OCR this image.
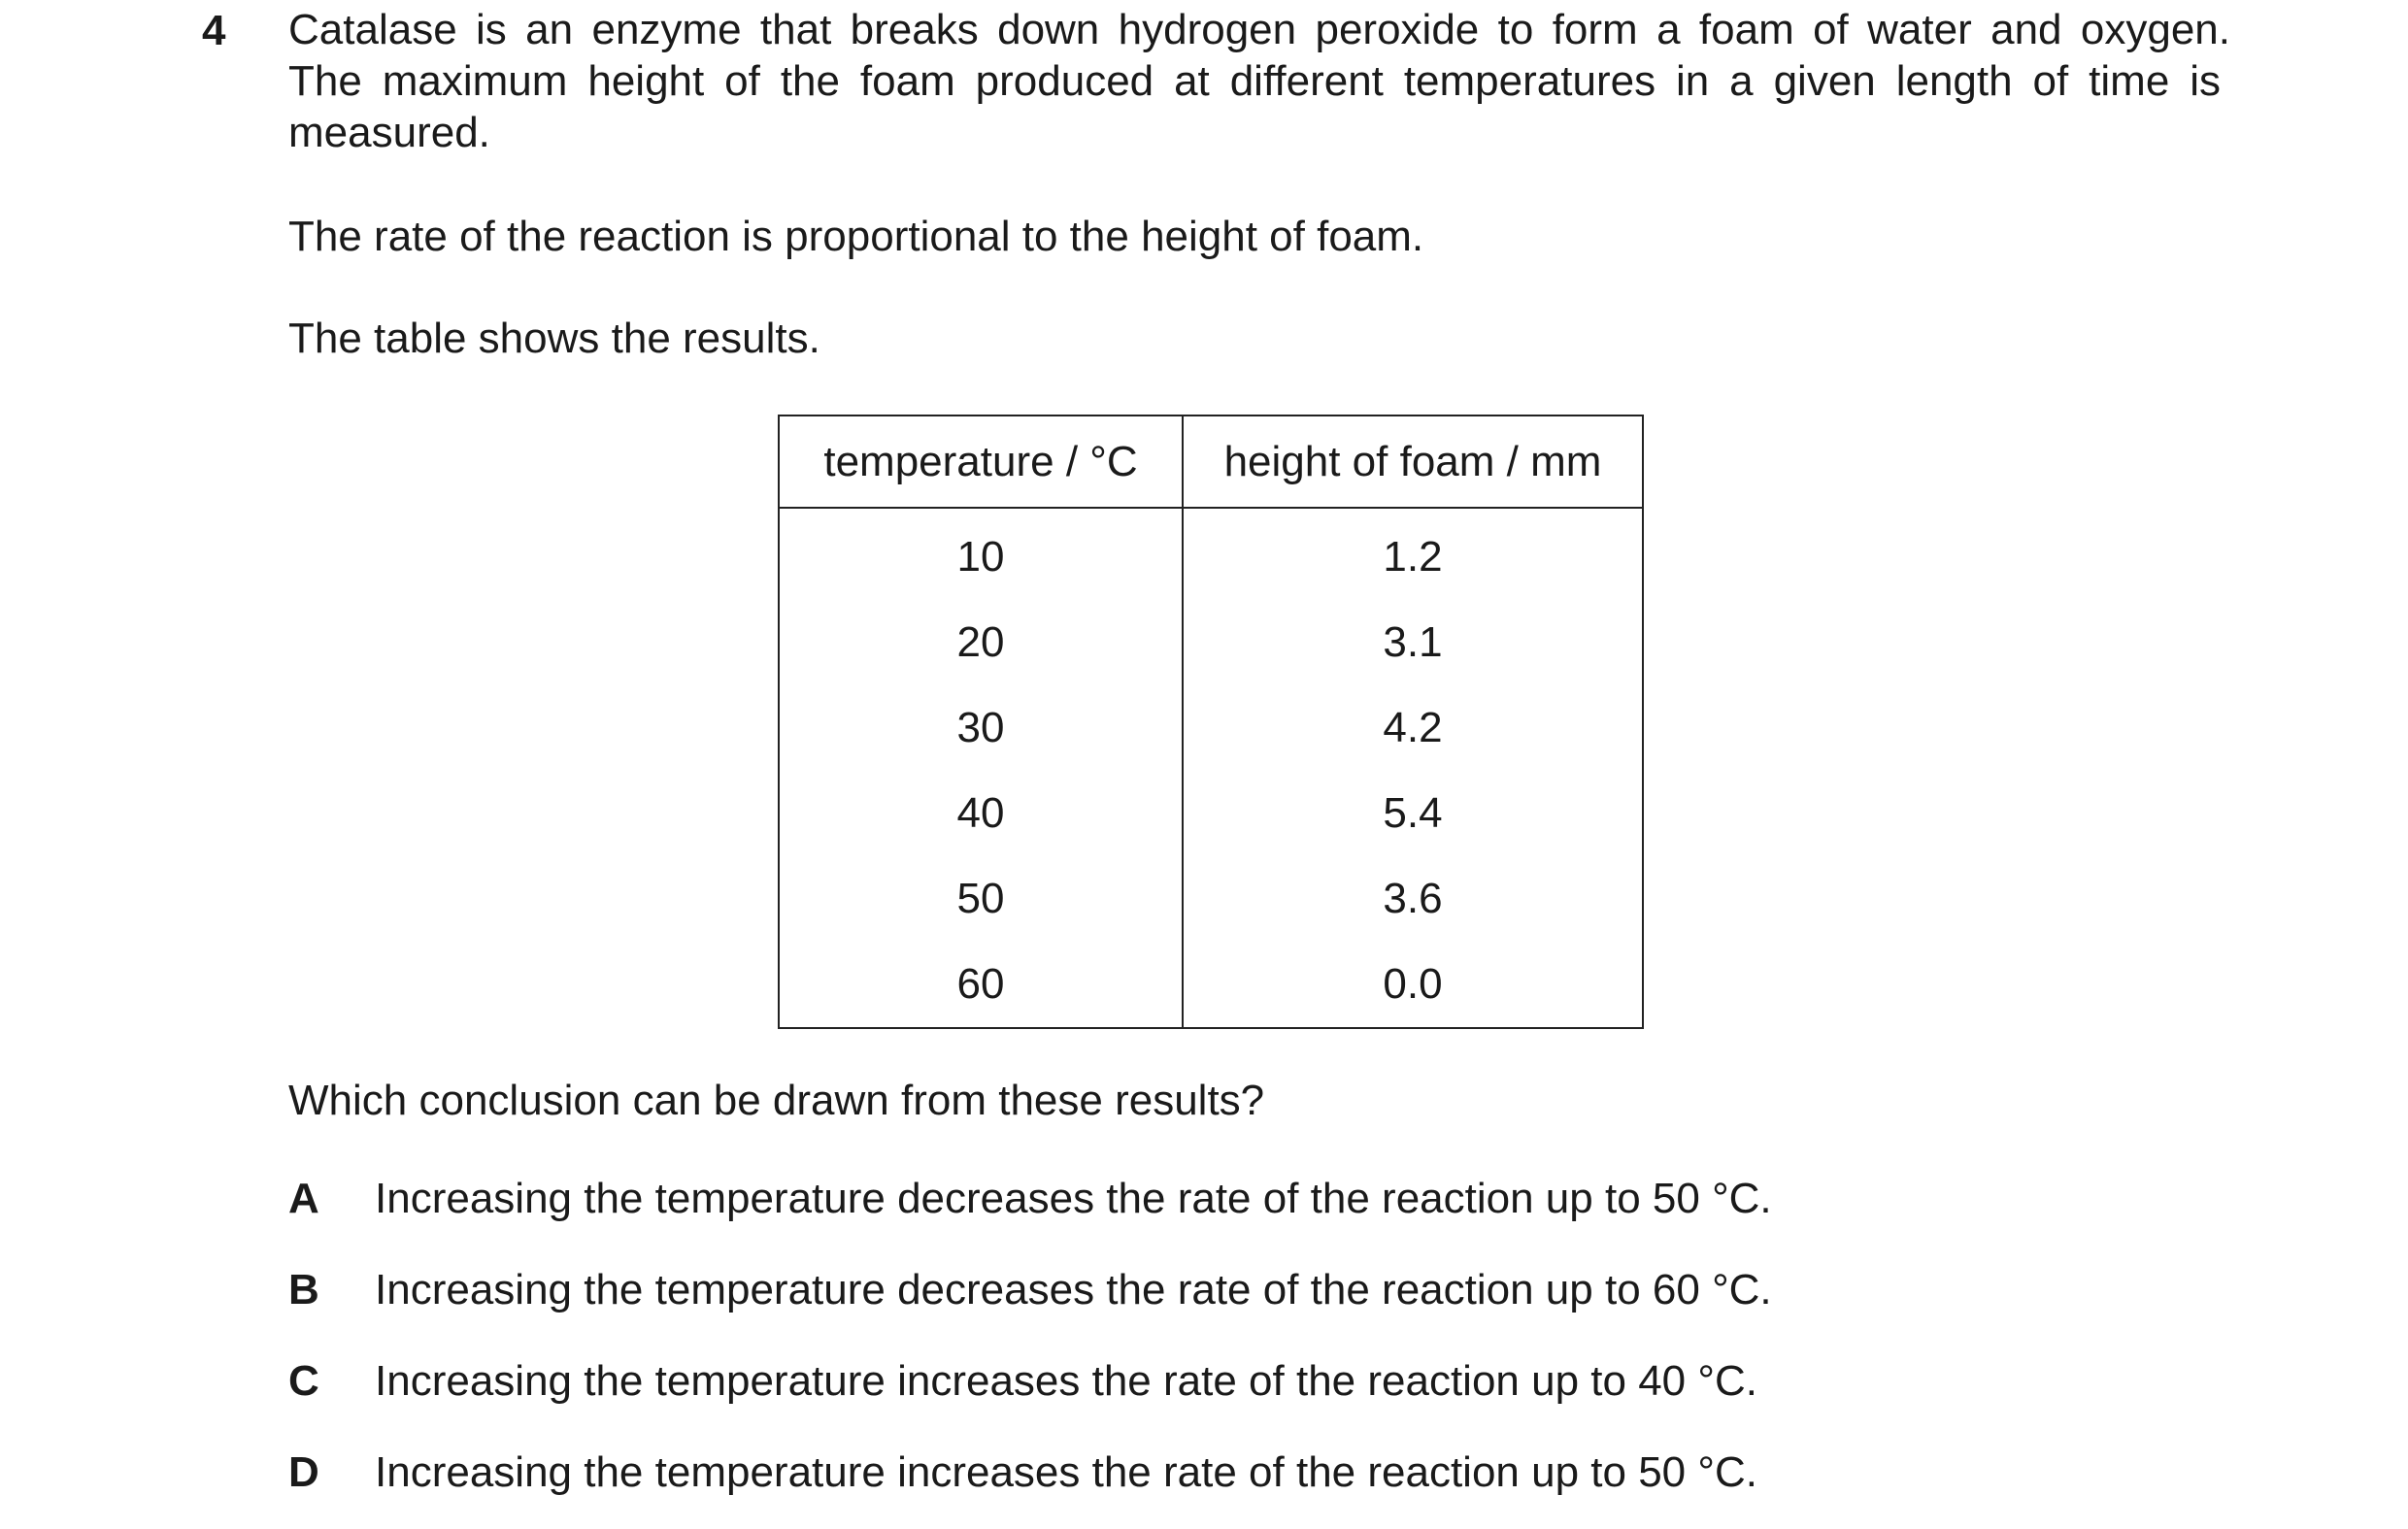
4 Catalase is an enzyme that breaks down hydrogen peroxide to form a foam of water and oxygen.
The maximum height of the foam produced at different temperatures in a given length of time is
measured.
The rate of the reaction is proportional to the height of foam.
The table shows the results.
temperature / °C	height of foam / mm
10	1.2
20	3.1
30	4.2
40	5.4
50	3.6
60	0.0
Which conclusion can be drawn from these results?
A Increasing the temperature decreases the rate of the reaction up to 50 °C.
B Increasing the temperature decreases the rate of the reaction up to 60 °C.
C Increasing the temperature increases the rate of the reaction up to 40 °C.
D Increasing the temperature increases the rate of the reaction up to 50 °C.
